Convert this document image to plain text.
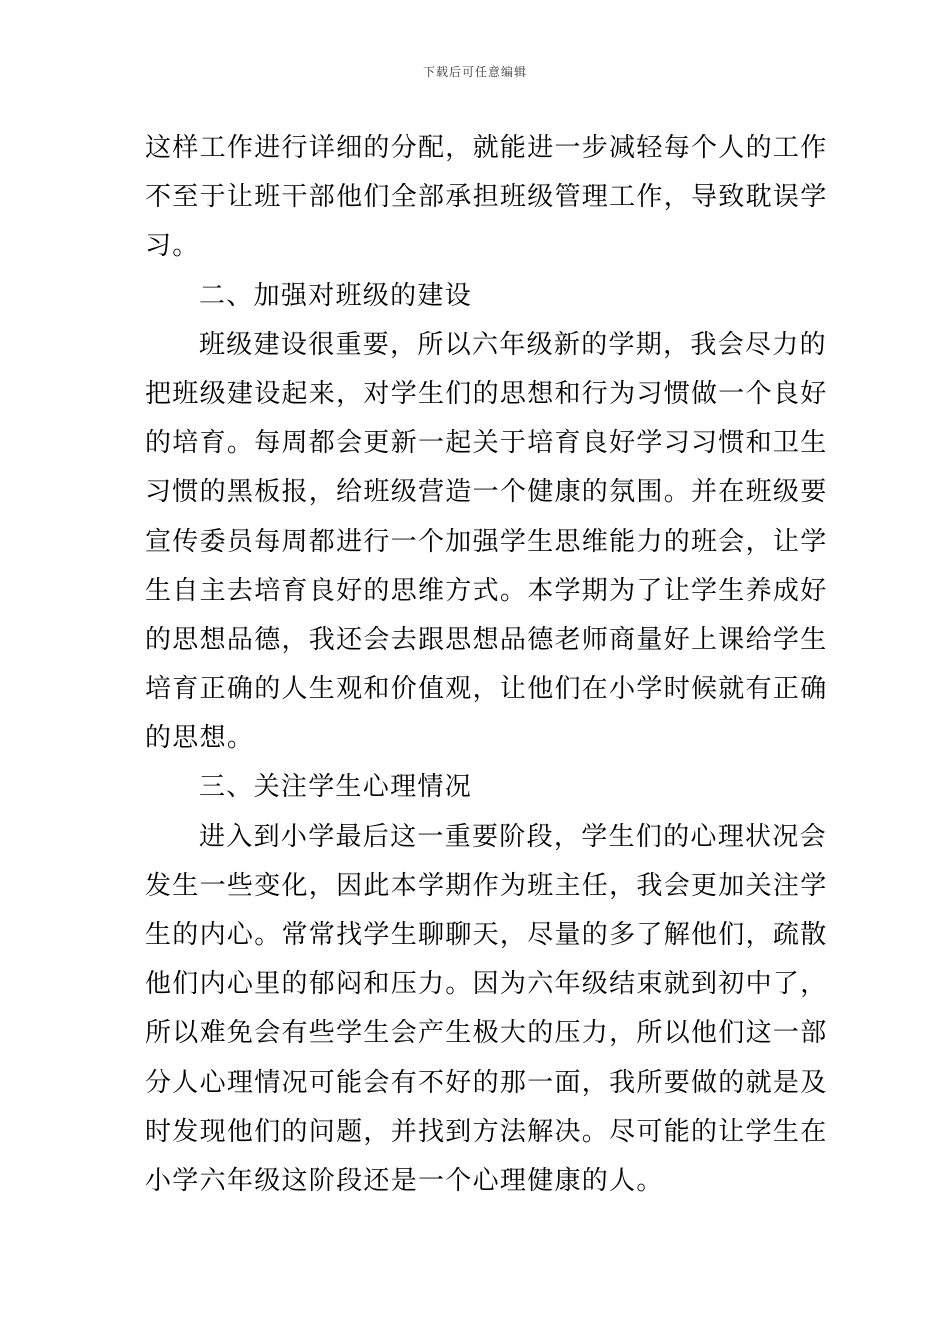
下载后可任意编辑
这样工作进行详细的分配，就能进一步减轻每个人的工作
不至于让班干部他们全部承担班级管理工作，导致耽误学
习。
二、加强对班级的建设
班级建设很重要，所以六年级新的学期，我会尽力的
把班级建设起来，对学生们的思想和行为习惯做一个良好
的培育。每周都会更新一起关于培育良好学习习惯和卫生
习惯的黑板报，给班级营造一个健康的氛围。并在班级要
宣传委员每周都进行一个加强学生思维能力的班会，让学
生自主去培育良好的思维方式。本学期为了让学生养成好
的思想品德，我还会去跟思想品德老师商量好上课给学生
培育正确的人生观和价值观，让他们在小学时候就有正确
的思想。
三、关注学生心理情况
进入到小学最后这一重要阶段，学生们的心理状况会
发生一些变化，因此本学期作为班主任，我会更加关注学
生的内心。常常找学生聊聊天，尽量的多了解他们，疏散
他们内心里的郁闷和压力。因为六年级结束就到初中了，
所以难免会有些学生会产生极大的压力，所以他们这一部
分人心理情况可能会有不好的那一面，我所要做的就是及
时发现他们的问题，并找到方法解决。尽可能的让学生在
小学六年级这阶段还是一个心理健康的人。
